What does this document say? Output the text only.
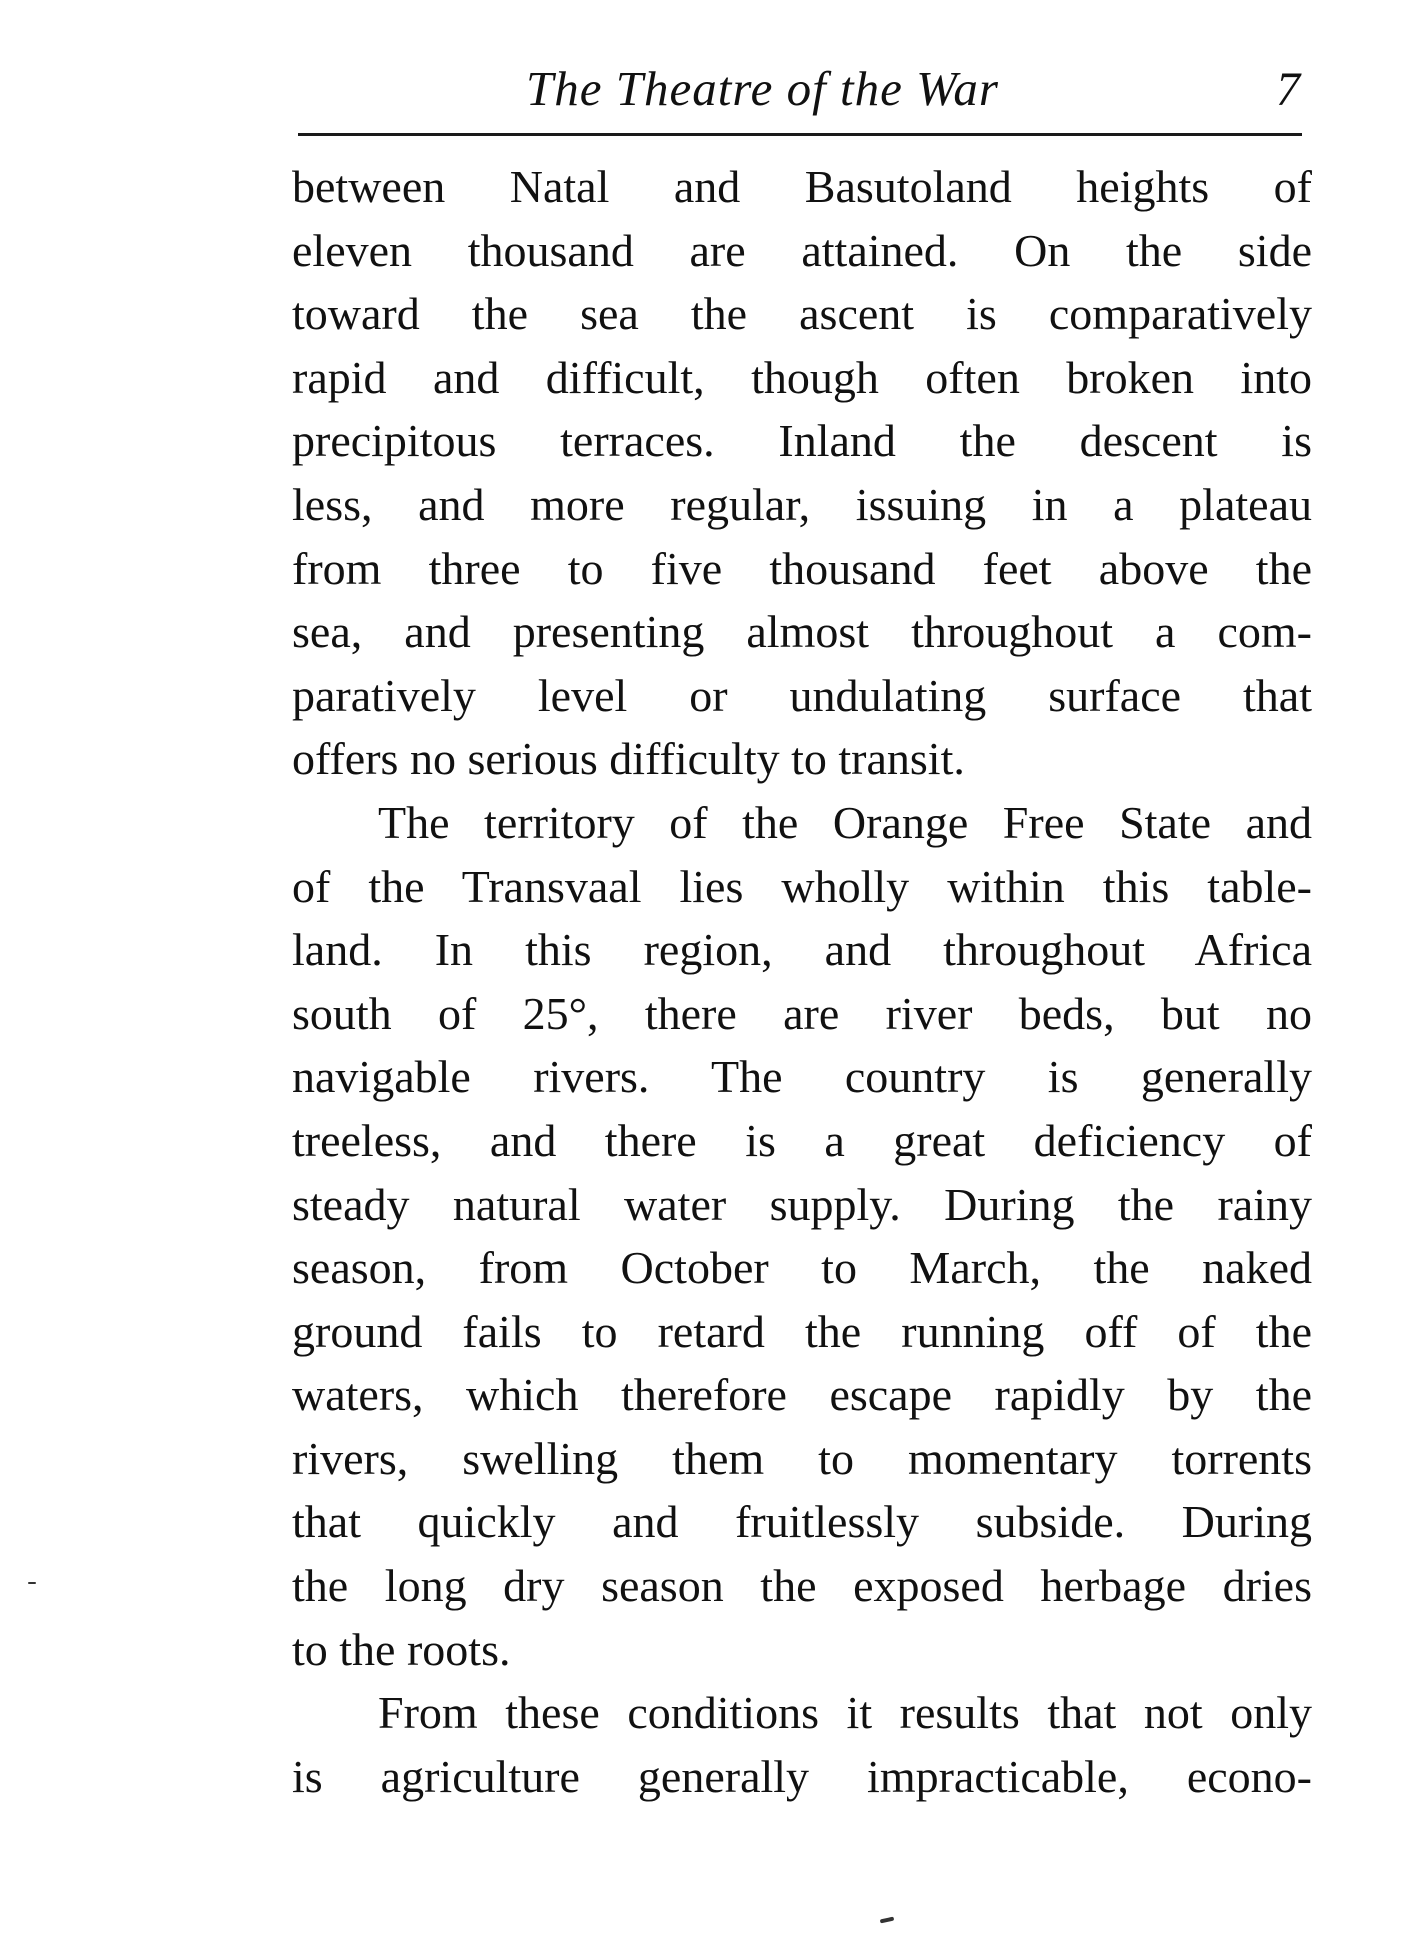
The Theatre of the War	7
between Natal and Basutoland heights of
eleven thousand are attained. On the side
toward the sea the ascent is comparatively
rapid and difficult, though often broken into
precipitous terraces. Inland the descent is
less, and more regular, issuing in a plateau
from three to five thousand feet above the
sea, and presenting almost throughout a com-
paratively level or undulating surface that
offers no serious difficulty to transit.
The territory of the Orange Free State and
of the Transvaal lies wholly within this table-
land. In this region, and throughout Africa
south of 25°, there are river beds, but no
navigable rivers. The country is generally
treeless, and there is a great deficiency of
steady natural water supply. During the rainy
season, from October to March, the naked
ground fails to retard the running off of the
waters, which therefore escape rapidly by the
rivers, swelling them to momentary torrents
that quickly and fruitlessly subside. During
the long dry season the exposed herbage dries
to the roots.
From these conditions it results that not only
is agriculture generally impracticable, econo-
